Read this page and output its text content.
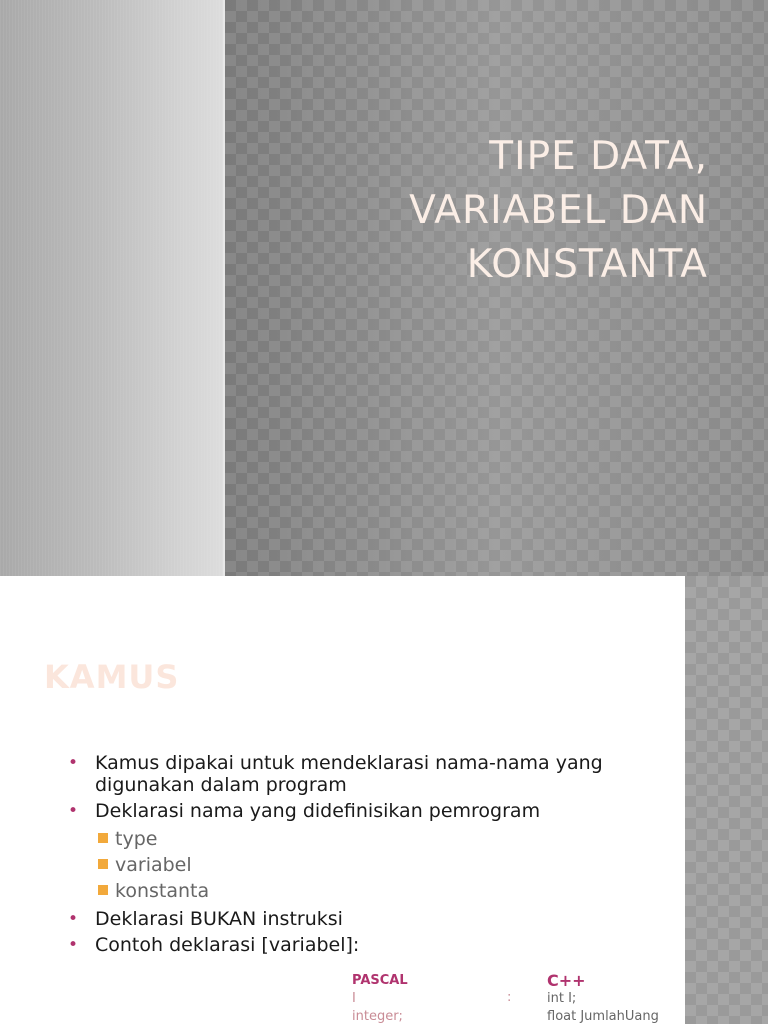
TIPE DATA,
VARIABEL DAN
KONSTANTA
KAMUS
• Kamus dipakai untuk mendeklarasi nama-nama yang digunakan dalam program
• Deklarasi nama yang didefinisikan pemrogram
type
variabel
konstanta
• Deklarasi BUKAN instruksi
• Contoh deklarasi [variabel]:
PASCAL
I
integer;
:
C++
int I;
float JumlahUang
